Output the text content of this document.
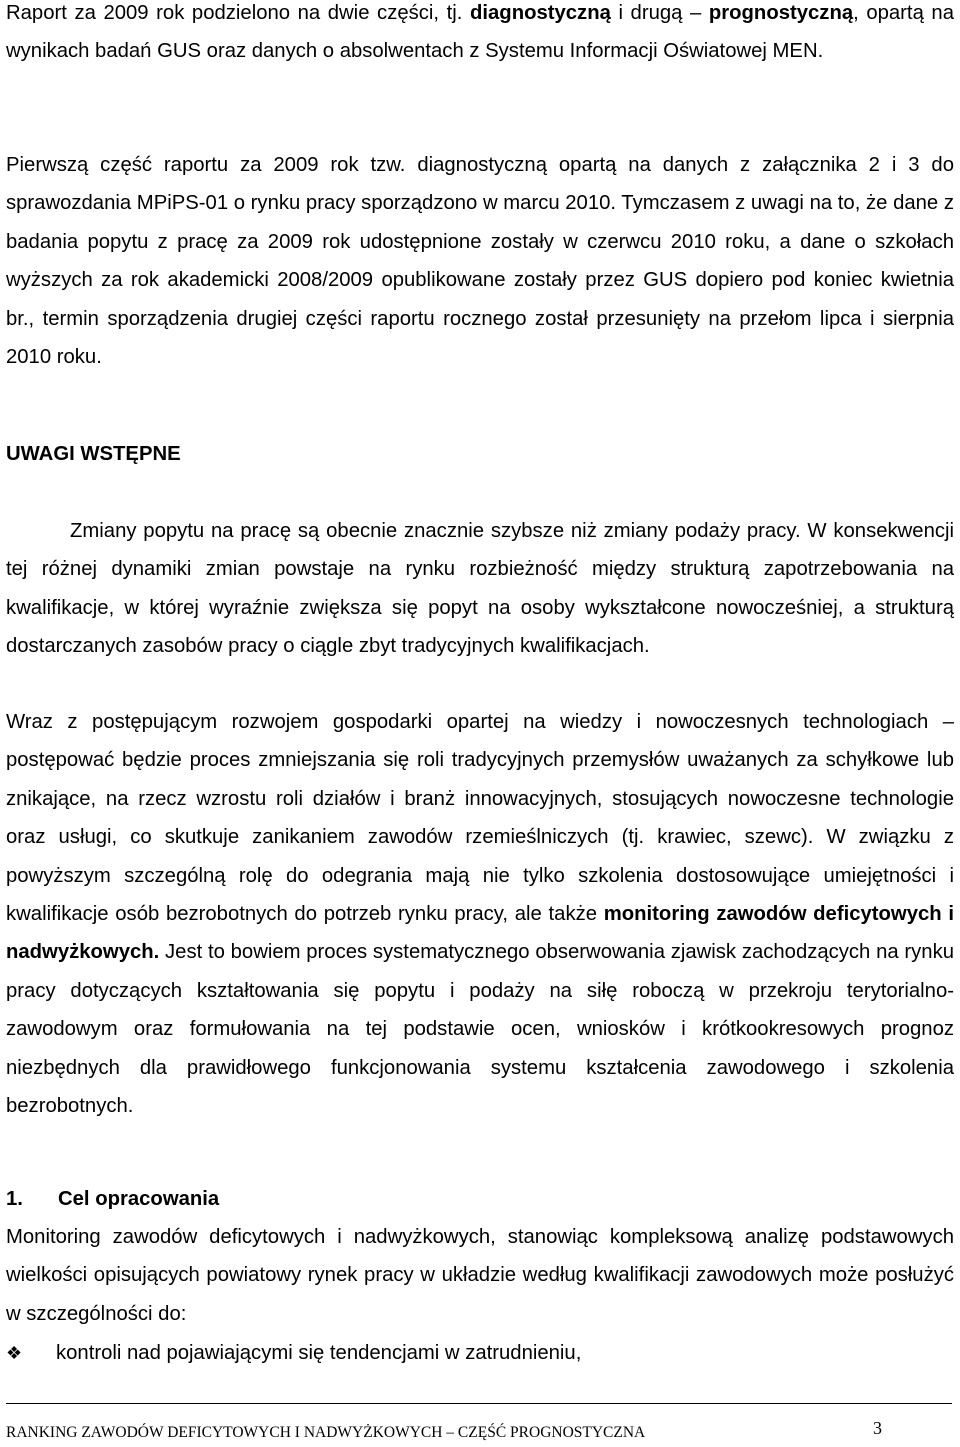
Raport za 2009 rok podzielono na dwie części, tj. diagnostyczną i drugą – prognostyczną, opartą na wynikach badań GUS oraz danych o absolwentach z Systemu Informacji Oświatowej MEN.

Pierwszą część raportu za 2009 rok tzw. diagnostyczną opartą na danych z załącznika 2 i 3 do sprawozdania MPiPS-01 o rynku pracy sporządzono w marcu 2010. Tymczasem z uwagi na to, że dane z badania popytu z pracę za 2009 rok udostępnione zostały w czerwcu 2010 roku, a dane o szkołach wyższych za rok akademicki 2008/2009 opublikowane zostały przez GUS dopiero pod koniec kwietnia br., termin sporządzenia drugiej części raportu rocznego został przesunięty na przełom lipca i sierpnia 2010 roku.

UWAGI WSTĘPNE

Zmiany popytu na pracę są obecnie znacznie szybsze niż zmiany podaży pracy. W konsekwencji tej różnej dynamiki zmian powstaje na rynku rozbieżność między strukturą zapotrzebowania na kwalifikacje, w której wyraźnie zwiększa się popyt na osoby wykształcone nowocześniej, a strukturą dostarczanych zasobów pracy o ciągle zbyt tradycyjnych kwalifikacjach.

Wraz z postępującym rozwojem gospodarki opartej na wiedzy i nowoczesnych technologiach – postępować będzie proces zmniejszania się roli tradycyjnych przemysłów uważanych za schyłkowe lub znikające, na rzecz wzrostu roli działów i branż innowacyjnych, stosujących nowoczesne technologie oraz usługi, co skutkuje zanikaniem zawodów rzemieślniczych (tj. krawiec, szewc). W związku z powyższym szczególną rolę do odegrania mają nie tylko szkolenia dostosowujące umiejętności i kwalifikacje osób bezrobotnych do potrzeb rynku pracy, ale także monitoring zawodów deficytowych i nadwyżkowych. Jest to bowiem proces systematycznego obserwowania zjawisk zachodzących na rynku pracy dotyczących kształtowania się popytu i podaży na siłę roboczą w przekroju terytorialno-zawodowym oraz formułowania na tej podstawie ocen, wniosków i krótkookresowych prognoz niezbędnych dla prawidłowego funkcjonowania systemu kształcenia zawodowego i szkolenia bezrobotnych.

1. Cel opracowania

Monitoring zawodów deficytowych i nadwyżkowych, stanowiąc kompleksową analizę podstawowych wielkości opisujących powiatowy rynek pracy w układzie według kwalifikacji zawodowych może posłużyć w szczególności do:

❖ kontroli nad pojawiającymi się tendencjami w zatrudnieniu,
RANKING ZAWODÓW DEFICYTOWYCH I NADWYŻKOWYCH – CZĘŚĆ PROGNOSTYCZNA	3
